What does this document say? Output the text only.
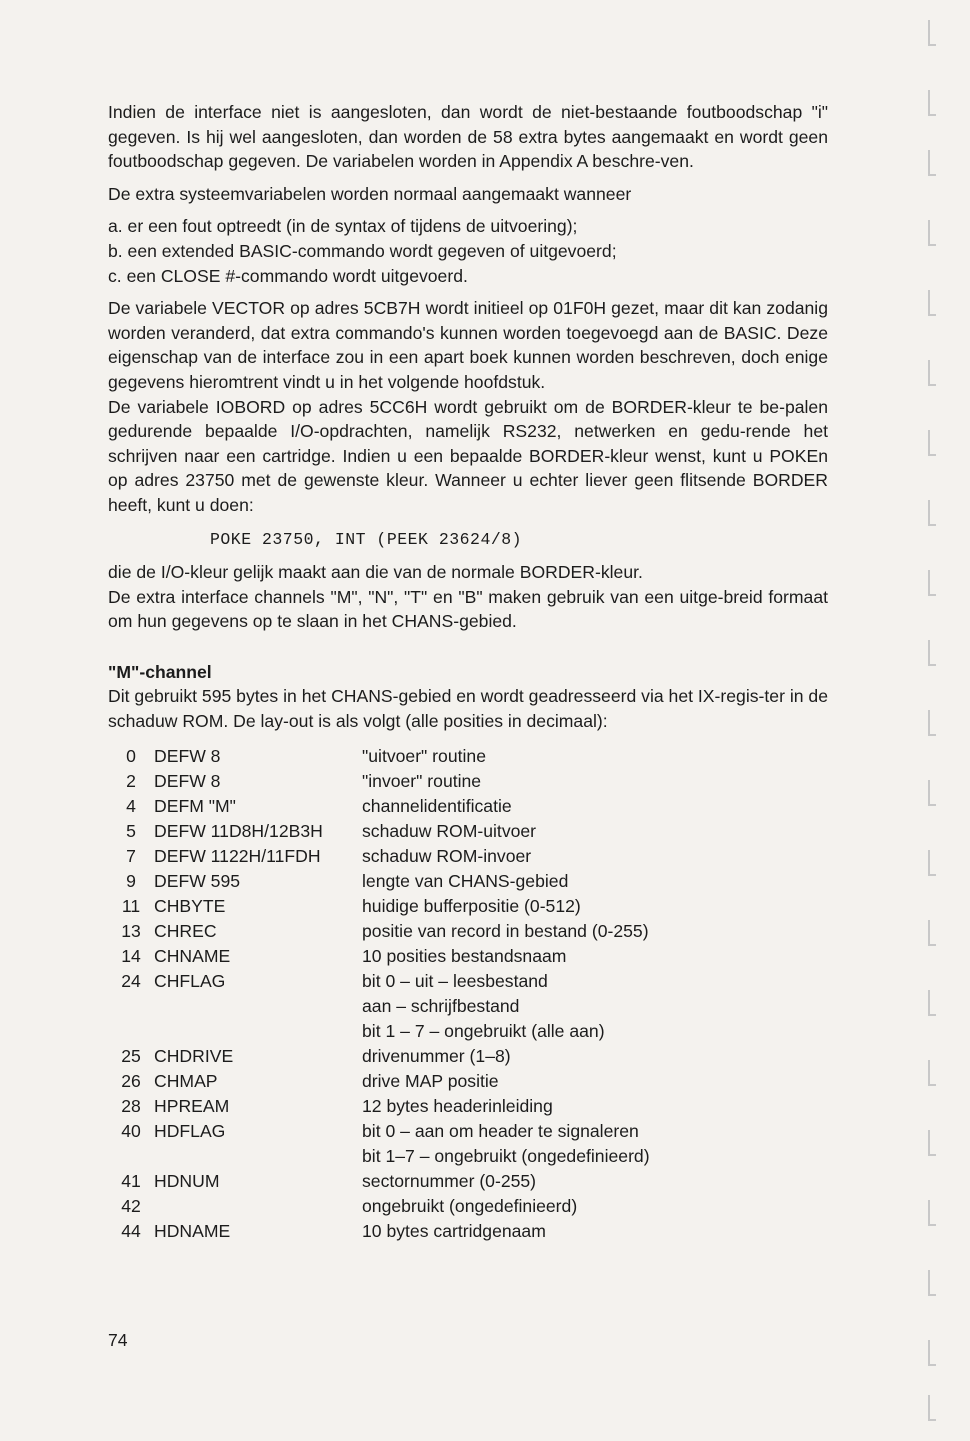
Indien de interface niet is aangesloten, dan wordt de niet-bestaande foutboodschap "i" gegeven. Is hij wel aangesloten, dan worden de 58 extra bytes aangemaakt en wordt geen foutboodschap gegeven. De variabelen worden in Appendix A beschre-ven.

De extra systeemvariabelen worden normaal aangemaakt wanneer

a. er een fout optreedt (in de syntax of tijdens de uitvoering);
b. een extended BASIC-commando wordt gegeven of uitgevoerd;
c. een CLOSE #-commando wordt uitgevoerd.

De variabele VECTOR op adres 5CB7H wordt initieel op 01F0H gezet, maar dit kan zodanig worden veranderd, dat extra commando's kunnen worden toegevoegd aan de BASIC. Deze eigenschap van de interface zou in een apart boek kunnen worden beschreven, doch enige gegevens hieromtrent vindt u in het volgende hoofdstuk.

De variabele IOBORD op adres 5CC6H wordt gebruikt om de BORDER-kleur te be-palen gedurende bepaalde I/O-opdrachten, namelijk RS232, netwerken en gedu-rende het schrijven naar een cartridge. Indien u een bepaalde BORDER-kleur wenst, kunt u POKEn op adres 23750 met de gewenste kleur. Wanneer u echter liever geen flitsende BORDER heeft, kunt u doen:

POKE 23750, INT (PEEK 23624/8)

die de I/O-kleur gelijk maakt aan die van de normale BORDER-kleur.

De extra interface channels "M", "N", "T" en "B" maken gebruik van een uitge-breid formaat om hun gegevens op te slaan in het CHANS-gebied.

"M"-channel

Dit gebruikt 595 bytes in het CHANS-gebied en wordt geadresseerd via het IX-regis-ter in de schaduw ROM. De lay-out is als volgt (alle posities in decimaal):

0	DEFW 8	"uitvoer" routine
2	DEFW 8	"invoer" routine
4	DEFM "M"	channelidentificatie
5	DEFW 11D8H/12B3H	schaduw ROM-uitvoer
7	DEFW 1122H/11FDH	schaduw ROM-invoer
9	DEFW 595	lengte van CHANS-gebied
11	CHBYTE	huidige bufferpositie (0-512)
13	CHREC	positie van record in bestand (0-255)
14	CHNAME	10 posities bestandsnaam
24	CHFLAG	bit 0 – uit – leesbestand
		aan – schrijfbestand
		bit 1 – 7 – ongebruikt (alle aan)
25	CHDRIVE	drivenummer (1–8)
26	CHMAP	drive MAP positie
28	HPREAM	12 bytes headerinleiding
40	HDFLAG	bit 0 – aan om header te signaleren
		bit 1–7 – ongebruikt (ongedefinieerd)
41	HDNUM	sectornummer (0-255)
42		ongebruikt (ongedefinieerd)
44	HDNAME	10 bytes cartridgenaam
74
